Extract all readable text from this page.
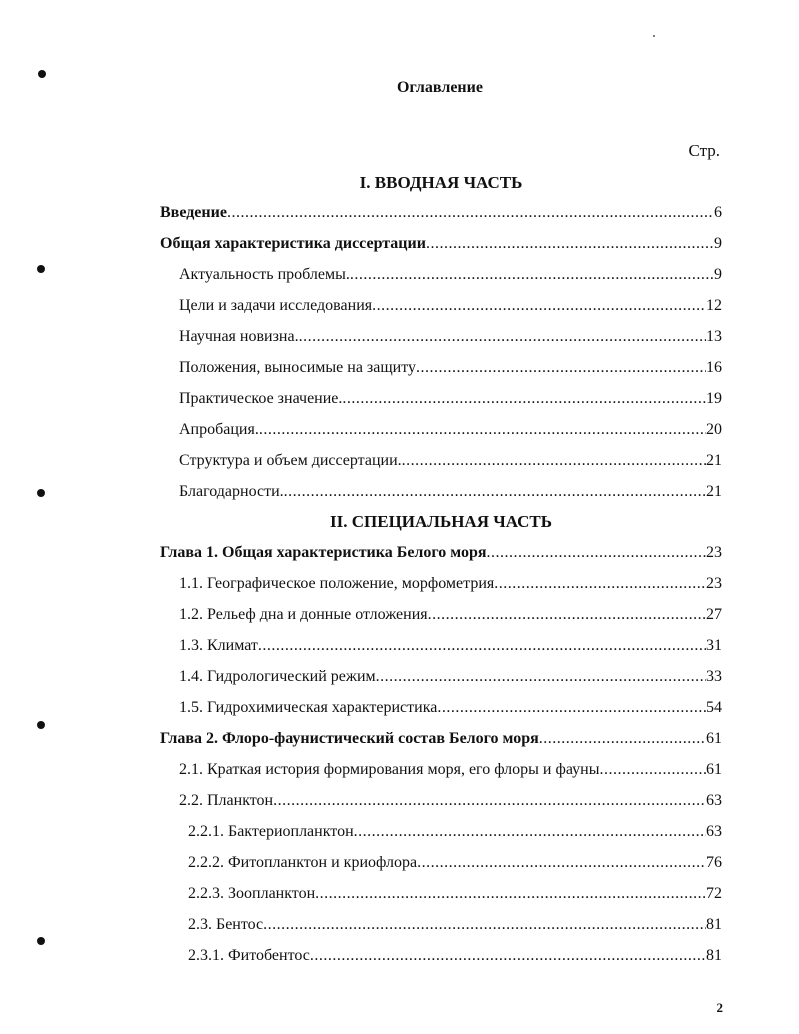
Оглавление
Стр.
I. ВВОДНАЯ ЧАСТЬ
II. СПЕЦИАЛЬНАЯ ЧАСТЬ
Введение .....	6
Общая характеристика диссертации .....	9
Актуальность проблемы. .....	9
Цели и задачи исследования .....	12
Научная новизна. .....	13
Положения, выносимые на защиту .....	16
Практическое значение. .....	19
Апробация. .....	20
Структура и объем диссертации. .....	21
Благодарности. .....	21
Глава 1. Общая характеристика Белого моря .....	23
1.1. Географическое положение, морфометрия .....	23
1.2. Рельеф дна и донные отложения .....	27
1.3. Климат .....	31
1.4. Гидрологический режим .....	33
1.5. Гидрохимическая характеристика .....	54
Глава 2. Флоро-фаунистический состав Белого моря .....	61
2.1. Краткая история формирования моря, его флоры и фауны .....	61
2.2. Планктон .....	63
2.2.1. Бактериопланктон .....	63
2.2.2. Фитопланктон и криофлора .....	76
2.2.3. Зоопланктон .....	72
2.3. Бентос .....	81
2.3.1. Фитобентос .....	81
2
